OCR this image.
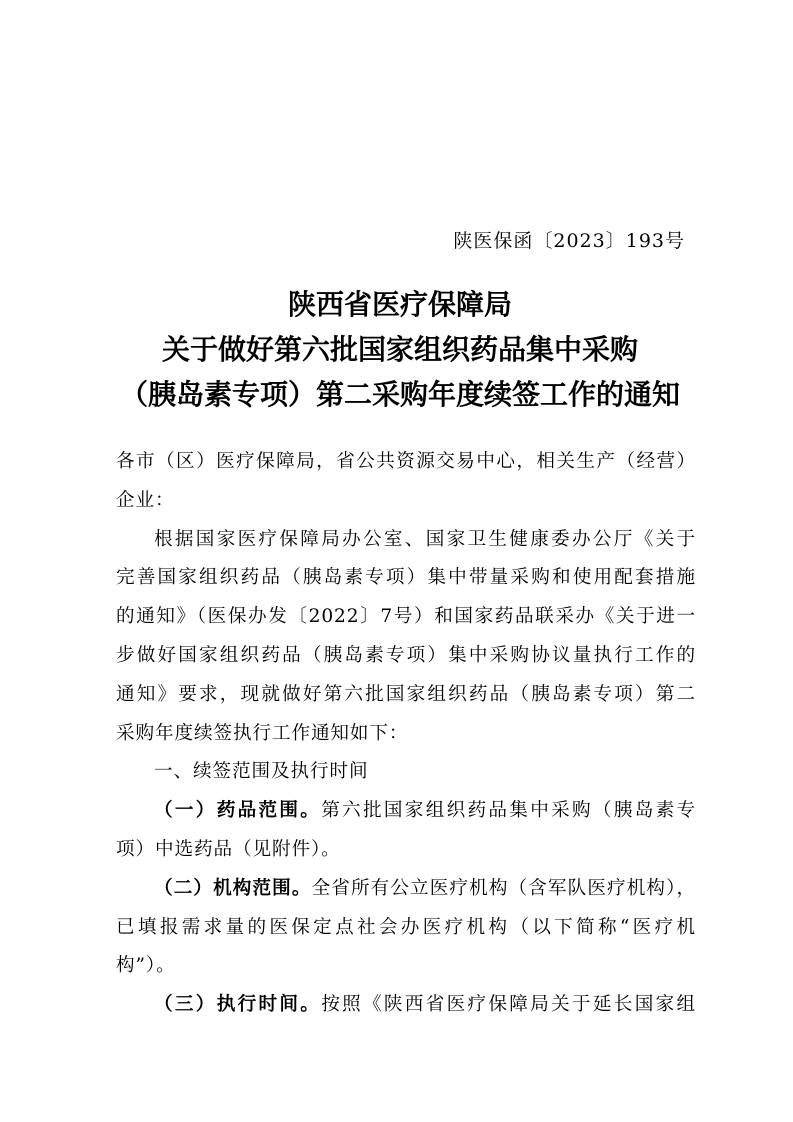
陕医保函〔2023〕193号
陕西省医疗保障局
关于做好第六批国家组织药品集中采购
（胰岛素专项）第二采购年度续签工作的通知
各市（区）医疗保障局，省公共资源交易中心，相关生产（经营）
企业：
根据国家医疗保障局办公室、国家卫生健康委办公厅《关于
完善国家组织药品（胰岛素专项）集中带量采购和使用配套措施
的通知》（医保办发〔2022〕7号）和国家药品联采办《关于进一
步做好国家组织药品（胰岛素专项）集中采购协议量执行工作的
通知》要求，现就做好第六批国家组织药品（胰岛素专项）第二
采购年度续签执行工作通知如下：
一、续签范围及执行时间
（一）药品范围。第六批国家组织药品集中采购（胰岛素专
项）中选药品（见附件）。
（二）机构范围。全省所有公立医疗机构（含军队医疗机构），
已填报需求量的医保定点社会办医疗机构（以下简称“医疗机
构”）。
（三）执行时间。按照《陕西省医疗保障局关于延长国家组
